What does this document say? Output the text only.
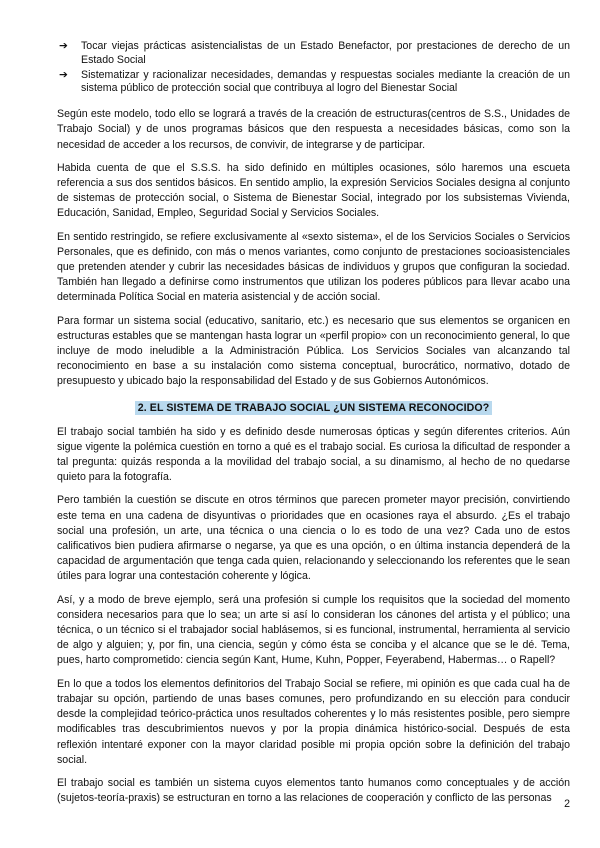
➔ Tocar viejas prácticas asistencialistas de un Estado Benefactor, por prestaciones de derecho de un Estado Social
➔ Sistematizar y racionalizar necesidades, demandas y respuestas sociales mediante la creación de un sistema público de protección social que contribuya al logro del Bienestar Social

Según este modelo, todo ello se logrará a través de la creación de estructuras(centros de S.S., Unidades de Trabajo Social) y de unos programas básicos que den respuesta a necesidades básicas, como son la necesidad de acceder a los recursos, de convivir, de integrarse y de participar.

Habida cuenta de que el S.S.S. ha sido definido en múltiples ocasiones, sólo haremos una escueta referencia a sus dos sentidos básicos. En sentido amplio, la expresión Servicios Sociales designa al conjunto de sistemas de protección social, o Sistema de Bienestar Social, integrado por los subsistemas Vivienda, Educación, Sanidad, Empleo, Seguridad Social y Servicios Sociales.

En sentido restringido, se refiere exclusivamente al «sexto sistema», el de los Servicios Sociales o Servicios Personales, que es definido, con más o menos variantes, como conjunto de prestaciones socioasistenciales que pretenden atender y cubrir las necesidades básicas de individuos y grupos que configuran la sociedad. También han llegado a definirse como instrumentos que utilizan los poderes públicos para llevar acabo una determinada Política Social en materia asistencial y de acción social.

Para formar un sistema social (educativo, sanitario, etc.) es necesario que sus elementos se organicen en estructuras estables que se mantengan hasta lograr un «perfil propio» con un reconocimiento general, lo que incluye de modo ineludible a la Administración Pública. Los Servicios Sociales van alcanzando tal reconocimiento en base a su instalación como sistema conceptual, burocrático, normativo, dotado de presupuesto y ubicado bajo la responsabilidad del Estado y de sus Gobiernos Autonómicos.

2. EL SISTEMA DE TRABAJO SOCIAL ¿UN SISTEMA RECONOCIDO?

El trabajo social también ha sido y es definido desde numerosas ópticas y según diferentes criterios. Aún sigue vigente la polémica cuestión en torno a qué es el trabajo social. Es curiosa la dificultad de responder a tal pregunta: quizás responda a la movilidad del trabajo social, a su dinamismo, al hecho de no quedarse quieto para la fotografía.

Pero también la cuestión se discute en otros términos que parecen prometer mayor precisión, convirtiendo este tema en una cadena de disyuntivas o prioridades que en ocasiones raya el absurdo. ¿Es el trabajo social una profesión, un arte, una técnica o una ciencia o lo es todo de una vez? Cada uno de estos calificativos bien pudiera afirmarse o negarse, ya que es una opción, o en última instancia dependerá de la capacidad de argumentación que tenga cada quien, relacionando y seleccionando los referentes que le sean útiles para lograr una contestación coherente y lógica.

Así, y a modo de breve ejemplo, será una profesión si cumple los requisitos que la sociedad del momento considera necesarios para que lo sea; un arte si así lo consideran los cánones del artista y el público; una técnica, o un técnico si el trabajador social hablásemos, si es funcional, instrumental, herramienta al servicio de algo y alguien; y, por fin, una ciencia, según y cómo ésta se conciba y el alcance que se le dé. Tema, pues, harto comprometido: ciencia según Kant, Hume, Kuhn, Popper, Feyerabend, Habermas… o Rapell?

En lo que a todos los elementos definitorios del Trabajo Social se refiere, mi opinión es que cada cual ha de trabajar su opción, partiendo de unas bases comunes, pero profundizando en su elección para conducir desde la complejidad teórico-práctica unos resultados coherentes y lo más resistentes posible, pero siempre modificables tras descubrimientos nuevos y por la propia dinámica histórico-social. Después de esta reflexión intentaré exponer con la mayor claridad posible mi propia opción sobre la definición del trabajo social.

El trabajo social es también un sistema cuyos elementos tanto humanos como conceptuales y de acción (sujetos-teoría-praxis) se estructuran en torno a las relaciones de cooperación y conflicto de las personas	2
